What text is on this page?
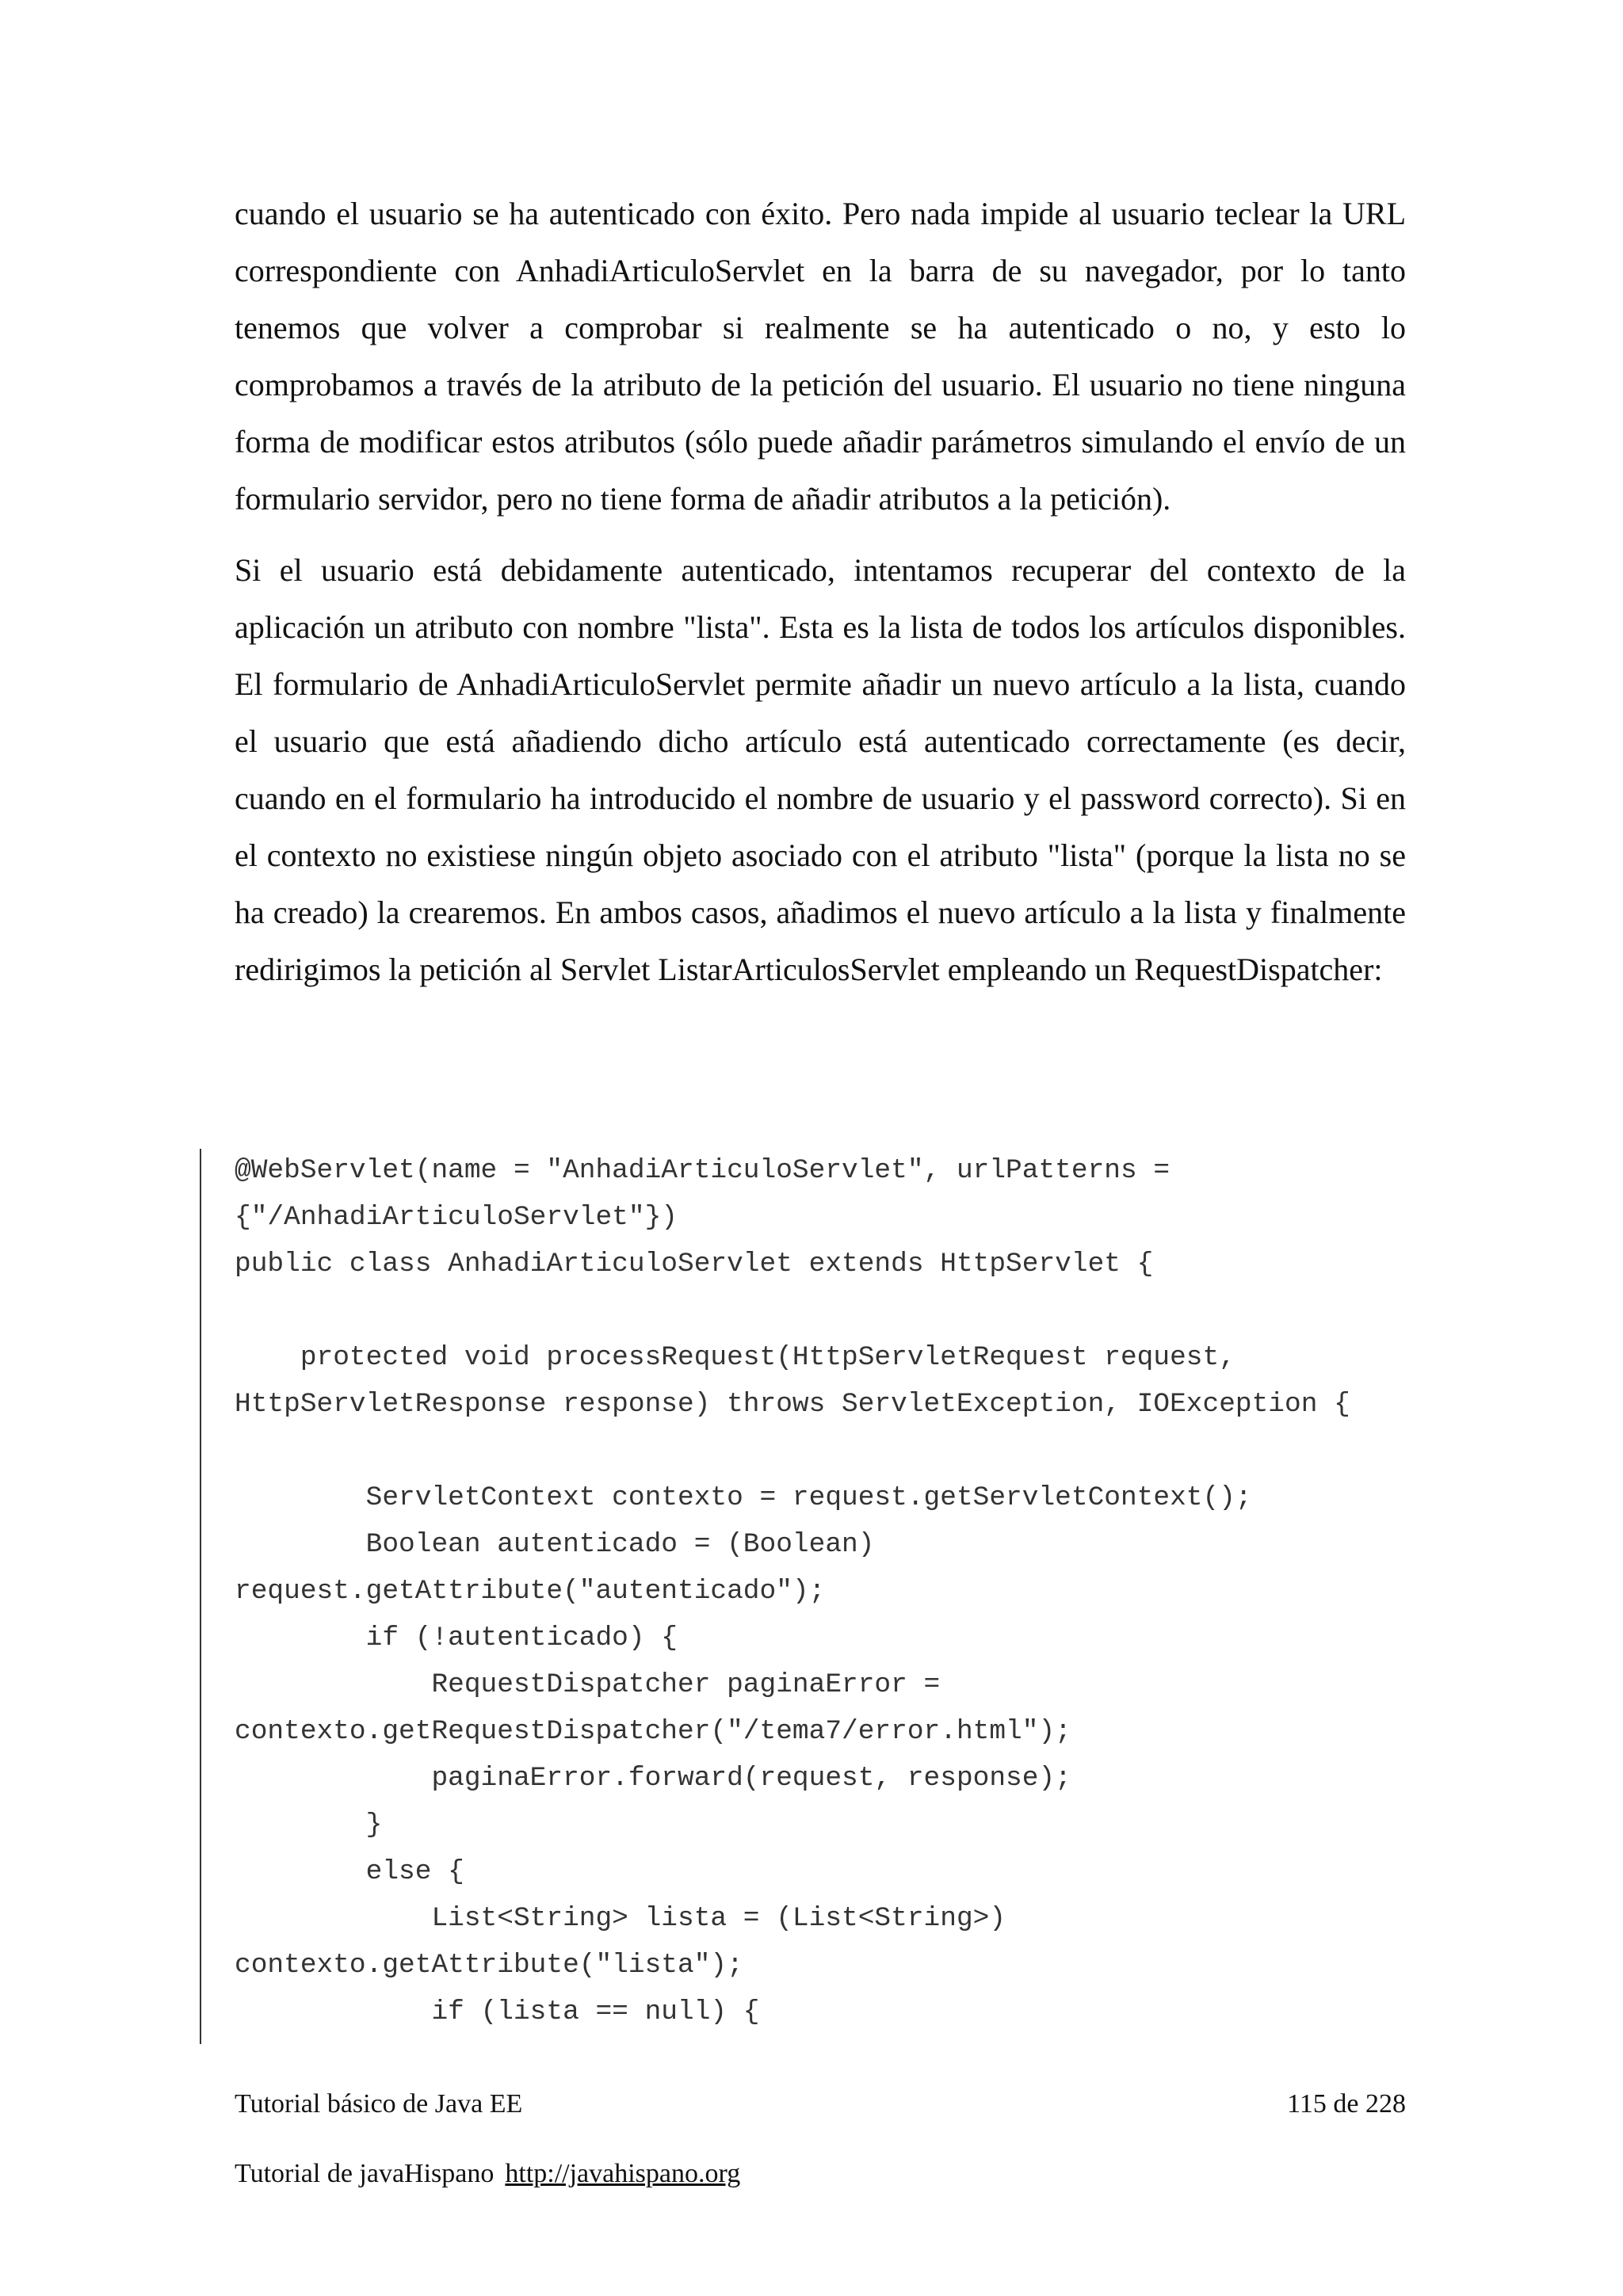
cuando el usuario se ha autenticado con éxito. Pero nada impide al usuario teclear la URL correspondiente con AnhadiArticuloServlet en la barra de su navegador, por lo tanto tenemos que volver a comprobar si realmente se ha autenticado o no, y esto lo comprobamos a través de la atributo de la petición del usuario. El usuario no tiene ninguna forma de modificar estos atributos (sólo puede añadir parámetros simulando el envío de un formulario servidor, pero no tiene forma de añadir atributos a la petición).

Si el usuario está debidamente autenticado, intentamos recuperar del contexto de la aplicación un atributo con nombre "lista". Esta es la lista de todos los artículos disponibles. El formulario de AnhadiArticuloServlet permite añadir un nuevo artículo a la lista, cuando el usuario que está añadiendo dicho artículo está autenticado correctamente (es decir, cuando en el formulario ha introducido el nombre de usuario y el password correcto). Si en el contexto no existiese ningún objeto asociado con el atributo "lista" (porque la lista no se ha creado) la crearemos. En ambos casos, añadimos el nuevo artículo a la lista y finalmente redirigimos la petición al Servlet ListarArticulosServlet empleando un RequestDispatcher:

@WebServlet(name = "AnhadiArticuloServlet", urlPatterns =
{"/AnhadiArticuloServlet"})
public class AnhadiArticuloServlet extends HttpServlet {

protected void processRequest(HttpServletRequest request,
HttpServletResponse response) throws ServletException, IOException {

ServletContext contexto = request.getServletContext();
Boolean autenticado = (Boolean)
request.getAttribute("autenticado");
if (!autenticado) {
RequestDispatcher paginaError =
contexto.getRequestDispatcher("/tema7/error.html");
paginaError.forward(request, response);
}
else {
List<String> lista = (List<String>)
contexto.getAttribute("lista");
if (lista == null) {
Tutorial básico de Java EE	115 de 228
Tutorial de javaHispano http://javahispano.org
